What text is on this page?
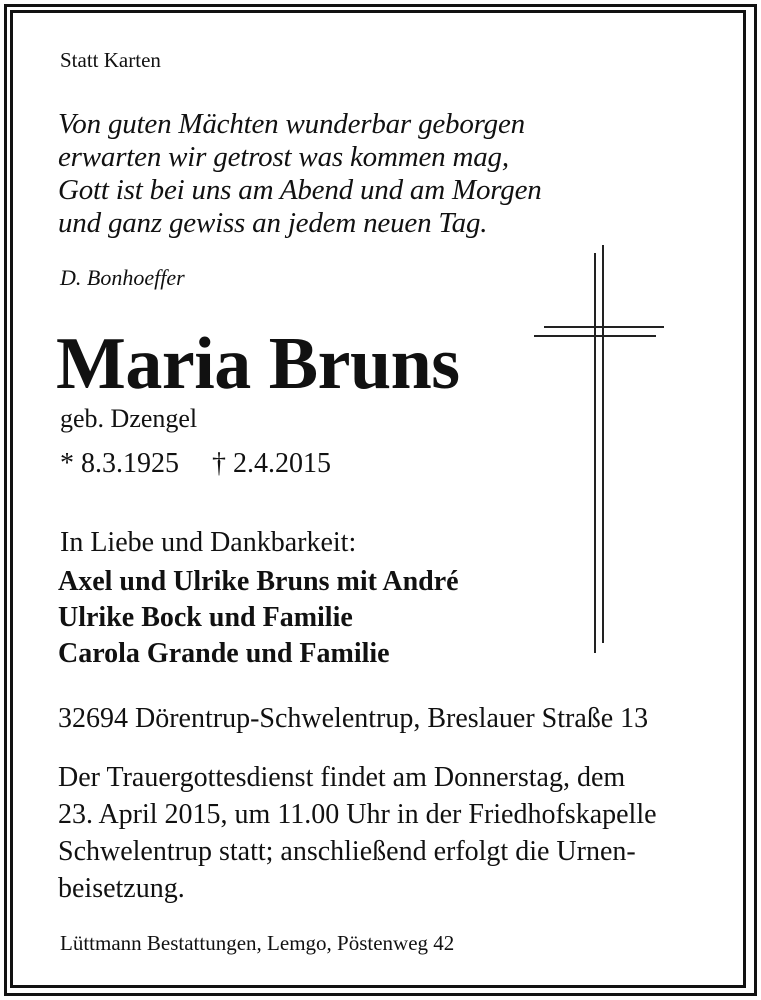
Statt Karten
Von guten Mächten wunderbar geborgen
erwarten wir getrost was kommen mag,
Gott ist bei uns am Abend und am Morgen
und ganz gewiss an jedem neuen Tag.
D. Bonhoeffer
Maria Bruns
geb. Dzengel
* 8.3.1925 † 2.4.2015
In Liebe und Dankbarkeit:
Axel und Ulrike Bruns mit André
Ulrike Bock und Familie
Carola Grande und Familie
32694 Dörentrup-Schwelentrup, Breslauer Straße 13
Der Trauergottesdienst findet am Donnerstag, dem
23. April 2015, um 11.00 Uhr in der Friedhofskapelle
Schwelentrup statt; anschließend erfolgt die Urnen-
beisetzung.
Lüttmann Bestattungen, Lemgo, Pöstenweg 42
